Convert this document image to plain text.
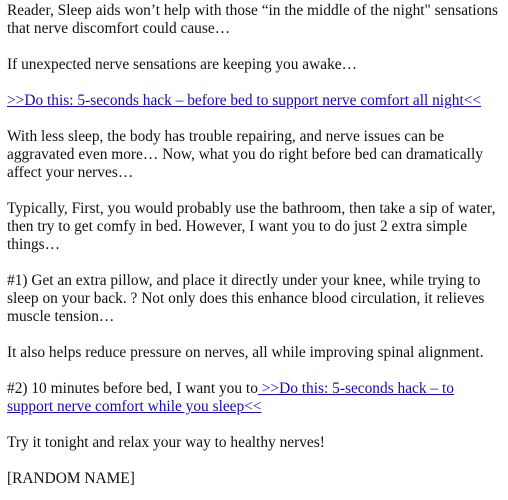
Reader, Sleep aids won’t help with those “in the middle of the night" sensations that nerve discomfort could cause…

If unexpected nerve sensations are keeping you awake…

>>Do this: 5-seconds hack – before bed to support nerve comfort all night<<

With less sleep, the body has trouble repairing, and nerve issues can be aggravated even more… Now, what you do right before bed can dramatically affect your nerves…

Typically, First, you would probably use the bathroom, then take a sip of water, then try to get comfy in bed. However, I want you to do just 2 extra simple things…

#1) Get an extra pillow, and place it directly under your knee, while trying to sleep on your back. ? Not only does this enhance blood circulation, it relieves muscle tension…

It also helps reduce pressure on nerves, all while improving spinal alignment.

#2) 10 minutes before bed, I want you to >>Do this: 5-seconds hack – to support nerve comfort while you sleep<<

Try it tonight and relax your way to healthy nerves!

[RANDOM NAME]
